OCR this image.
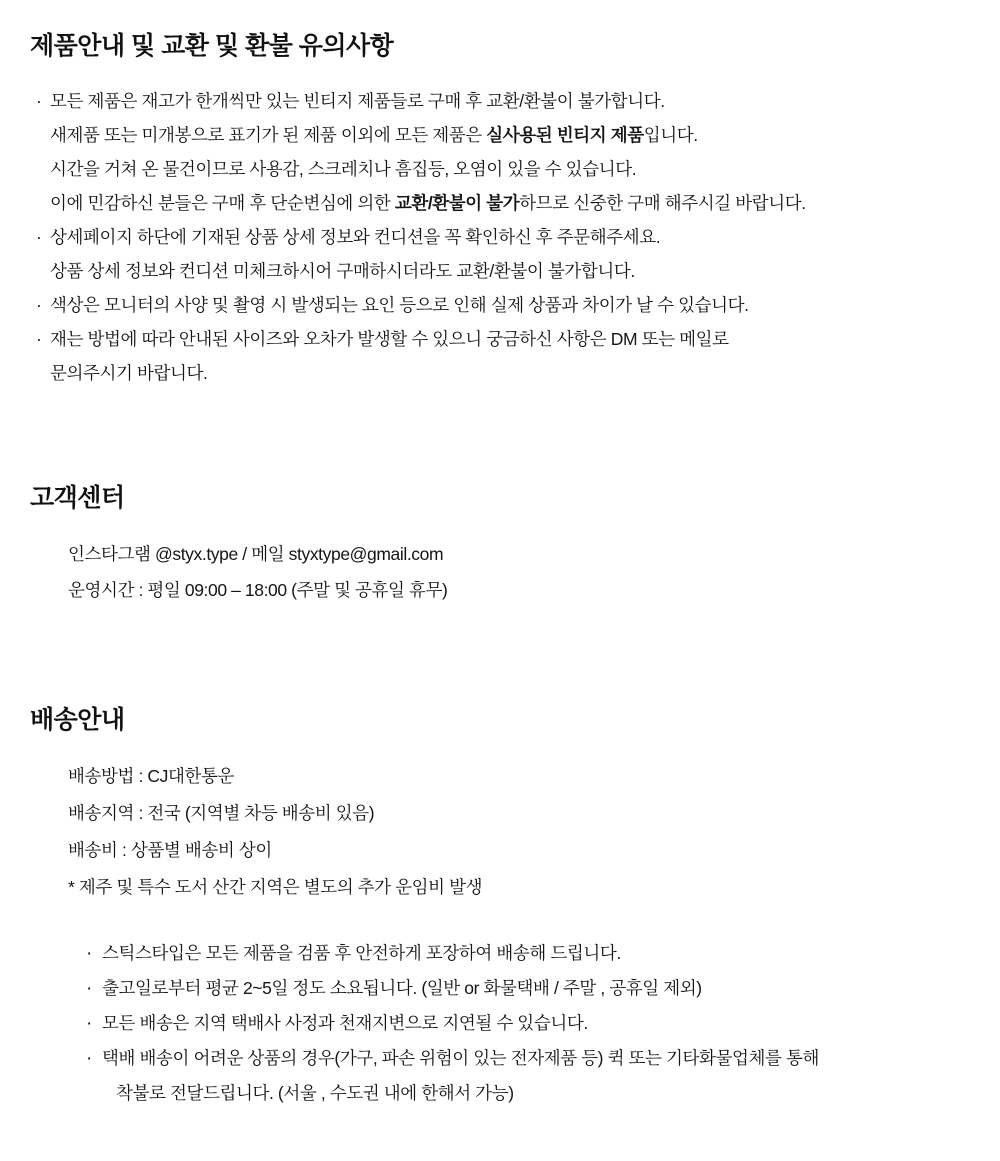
제품안내 및 교환 및 환불 유의사항
· 모든 제품은 재고가 한개씩만 있는 빈티지 제품들로 구매 후 교환/환불이 불가합니다.
새제품 또는 미개봉으로 표기가 된 제품 이외에 모든 제품은 실사용된 빈티지 제품입니다.
시간을 거쳐 온 물건이므로 사용감, 스크레치나 흠집등, 오염이 있을 수 있습니다.
이에 민감하신 분들은 구매 후 단순변심에 의한 교환/환불이 불가하므로 신중한 구매 해주시길 바랍니다.
· 상세페이지 하단에 기재된 상품 상세 정보와 컨디션을 꼭 확인하신 후 주문해주세요.
상품 상세 정보와 컨디션 미체크하시어 구매하시더라도 교환/환불이 불가합니다.
· 색상은 모니터의 사양 및 촬영 시 발생되는 요인 등으로 인해 실제 상품과 차이가 날 수 있습니다.
· 재는 방법에 따라 안내된 사이즈와 오차가 발생할 수 있으니 궁금하신 사항은 DM 또는 메일로
문의주시기 바랍니다.
고객센터
인스타그램 @styx.type / 메일 styxtype@gmail.com
운영시간 : 평일 09:00 – 18:00 (주말 및 공휴일 휴무)
배송안내
배송방법 : CJ대한통운
배송지역 : 전국 (지역별 차등 배송비 있음)
배송비 : 상품별 배송비 상이
* 제주 및 특수 도서 산간 지역은 별도의 추가 운임비 발생
· 스틱스타입은 모든 제품을 검품 후 안전하게 포장하여 배송해 드립니다.
· 출고일로부터 평균 2~5일 정도 소요됩니다. (일반 or 화물택배 / 주말 , 공휴일 제외)
· 모든 배송은 지역 택배사 사정과 천재지변으로 지연될 수 있습니다.
· 택배 배송이 어려운 상품의 경우(가구, 파손 위험이 있는 전자제품 등) 퀵 또는 기타화물업체를 통해
착불로 전달드립니다. (서울 , 수도권 내에 한해서 가능)
